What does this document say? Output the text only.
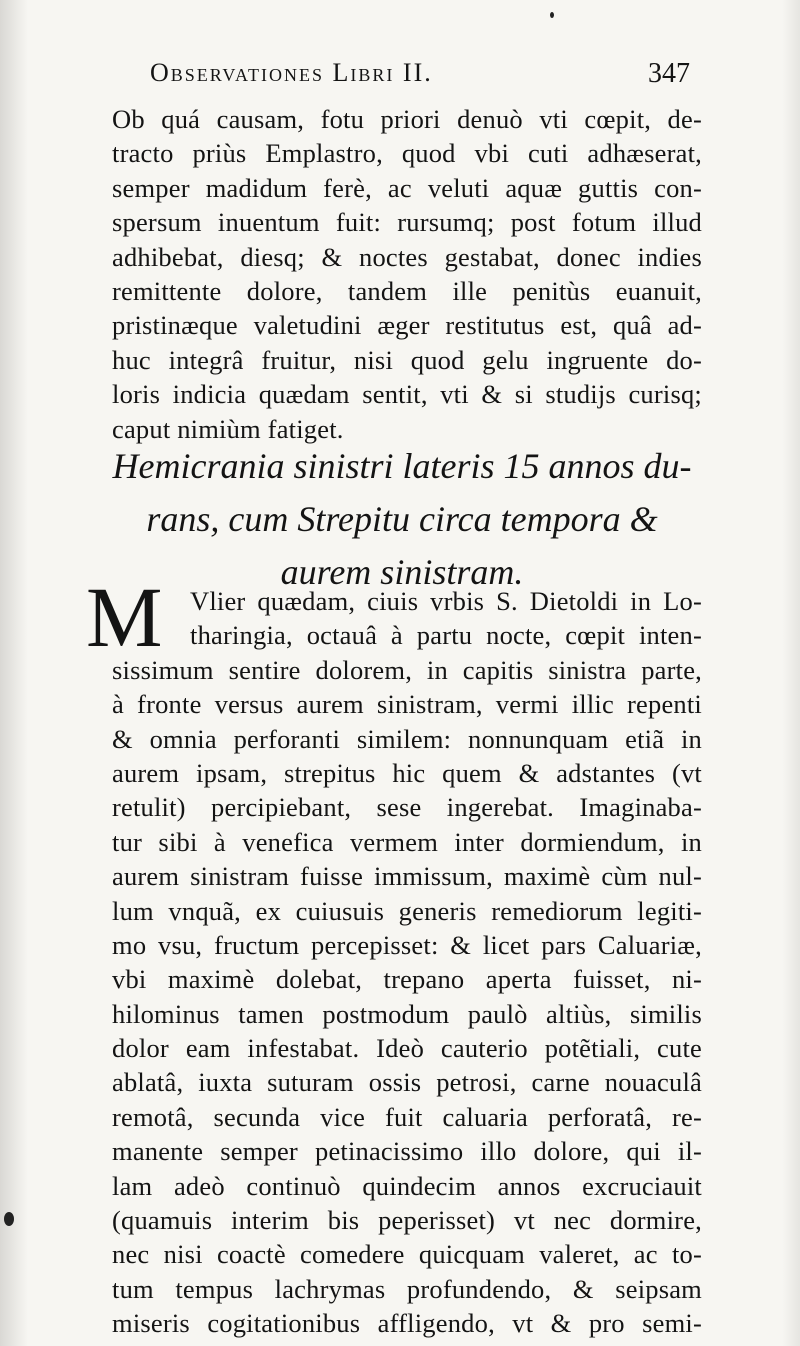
Observationes Libri II.	347
Ob quá causam, fotu priori denuò vti cœpit, de-
tracto priùs Emplastro, quod vbi cuti adhæserat,
semper madidum ferè, ac veluti aquæ guttis con-
spersum inuentum fuit: rursumq; post fotum illud
adhibebat, diesq; & noctes gestabat, donec indies
remittente dolore, tandem ille penitùs euanuit,
pristinæque valetudini æger restitutus est, quâ ad-
huc integrâ fruitur, nisi quod gelu ingruente do-
loris indicia quædam sentit, vti & si studijs curisq;
caput nimiùm fatiget.
Hemicrania sinistri lateris 15 annos du-
rans, cum Strepitu circa tempora &
aurem sinistram.
M	Vlier quædam, ciuis vrbis S. Dietoldi in Lo-
tharingia, octauâ à partu nocte, cœpit inten-
sissimum sentire dolorem, in capitis sinistra parte,
à fronte versus aurem sinistram, vermi illic repenti
& omnia perforanti similem: nonnunquam etiã in
aurem ipsam, strepitus hic quem & adstantes (vt
retulit) percipiebant, sese ingerebat. Imaginaba-
tur sibi à venefica vermem inter dormiendum, in
aurem sinistram fuisse immissum, maximè cùm nul-
lum vnquã, ex cuiusuis generis remediorum legiti-
mo vsu, fructum percepisset: & licet pars Caluariæ,
vbi maximè dolebat, trepano aperta fuisset, ni-
hilominus tamen postmodum paulò altiùs, similis
dolor eam infestabat. Ideò cauterio potẽtiali, cute
ablatâ, iuxta suturam ossis petrosi, carne nouaculâ
remotâ, secunda vice fuit caluaria perforatâ, re-
manente semper petinacissimo illo dolore, qui il-
lam adeò continuò quindecim annos excruciauit
(quamuis interim bis peperisset) vt nec dormire,
nec nisi coactè comedere quicquam valeret, ac to-
tum tempus lachrymas profundendo, & seipsam
miseris cogitationibus affligendo, vt & pro semi-
